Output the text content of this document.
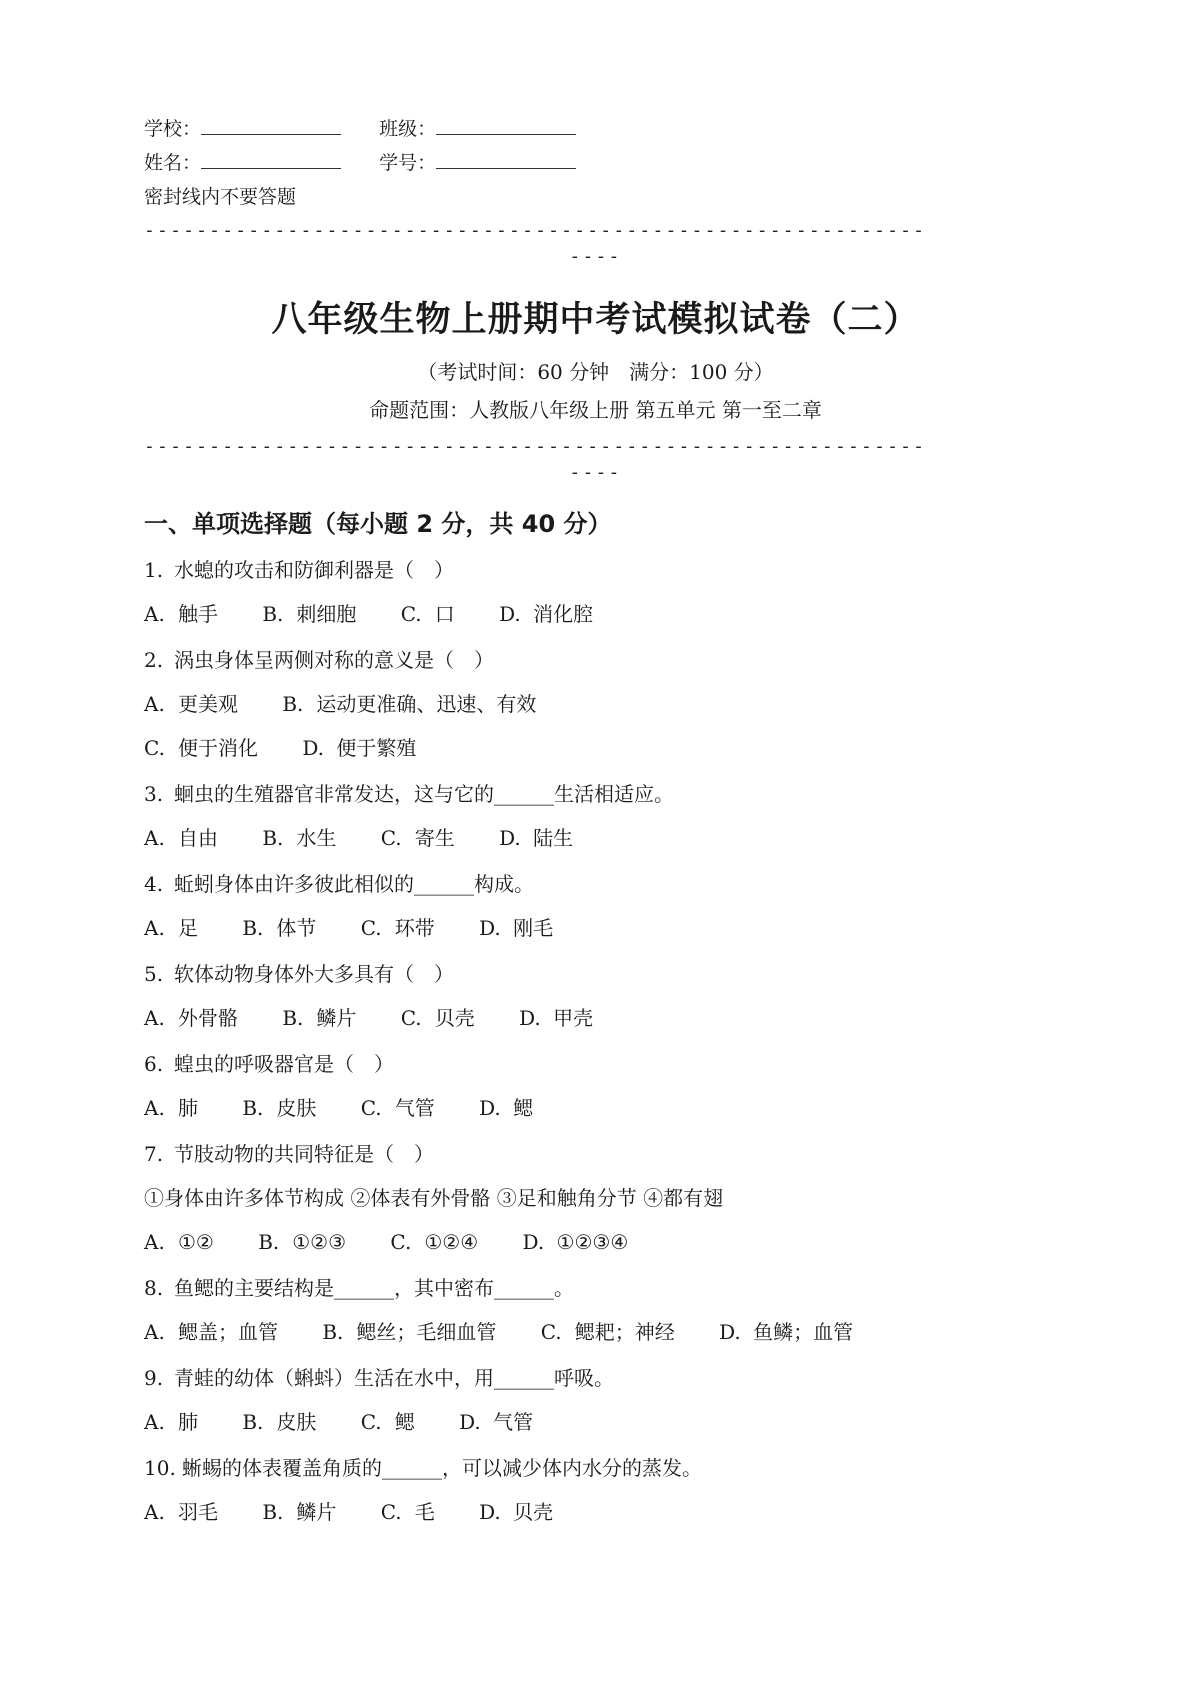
学校：	班级：
姓名：	学号：
密封线内不要答题
------------------------------------------------------------
----
八年级生物上册期中考试模拟试卷（二）
（考试时间：60 分钟　满分：100 分）
命题范围：人教版八年级上册 第五单元 第一至二章
------------------------------------------------------------
----
一、单项选择题（每小题 2 分，共 40 分）
1. 水螅的攻击和防御利器是（　）
A. 触手 B. 刺细胞 C. 口 D. 消化腔
2. 涡虫身体呈两侧对称的意义是（　）
A. 更美观 B. 运动更准确、迅速、有效
C. 便于消化 D. 便于繁殖
3. 蛔虫的生殖器官非常发达，这与它的______生活相适应。
A. 自由 B. 水生 C. 寄生 D. 陆生
4. 蚯蚓身体由许多彼此相似的______构成。
A. 足 B. 体节 C. 环带 D. 刚毛
5. 软体动物身体外大多具有（　）
A. 外骨骼 B. 鳞片 C. 贝壳 D. 甲壳
6. 蝗虫的呼吸器官是（　）
A. 肺 B. 皮肤 C. 气管 D. 鳃
7. 节肢动物的共同特征是（　）
①身体由许多体节构成 ②体表有外骨骼 ③足和触角分节 ④都有翅
A. ①② B. ①②③ C. ①②④ D. ①②③④
8. 鱼鳃的主要结构是______，其中密布______。
A. 鳃盖；血管 B. 鳃丝；毛细血管 C. 鳃耙；神经 D. 鱼鳞；血管
9. 青蛙的幼体（蝌蚪）生活在水中，用______呼吸。
A. 肺 B. 皮肤 C. 鳃 D. 气管
10. 蜥蜴的体表覆盖角质的______，可以减少体内水分的蒸发。
A. 羽毛 B. 鳞片 C. 毛 D. 贝壳
